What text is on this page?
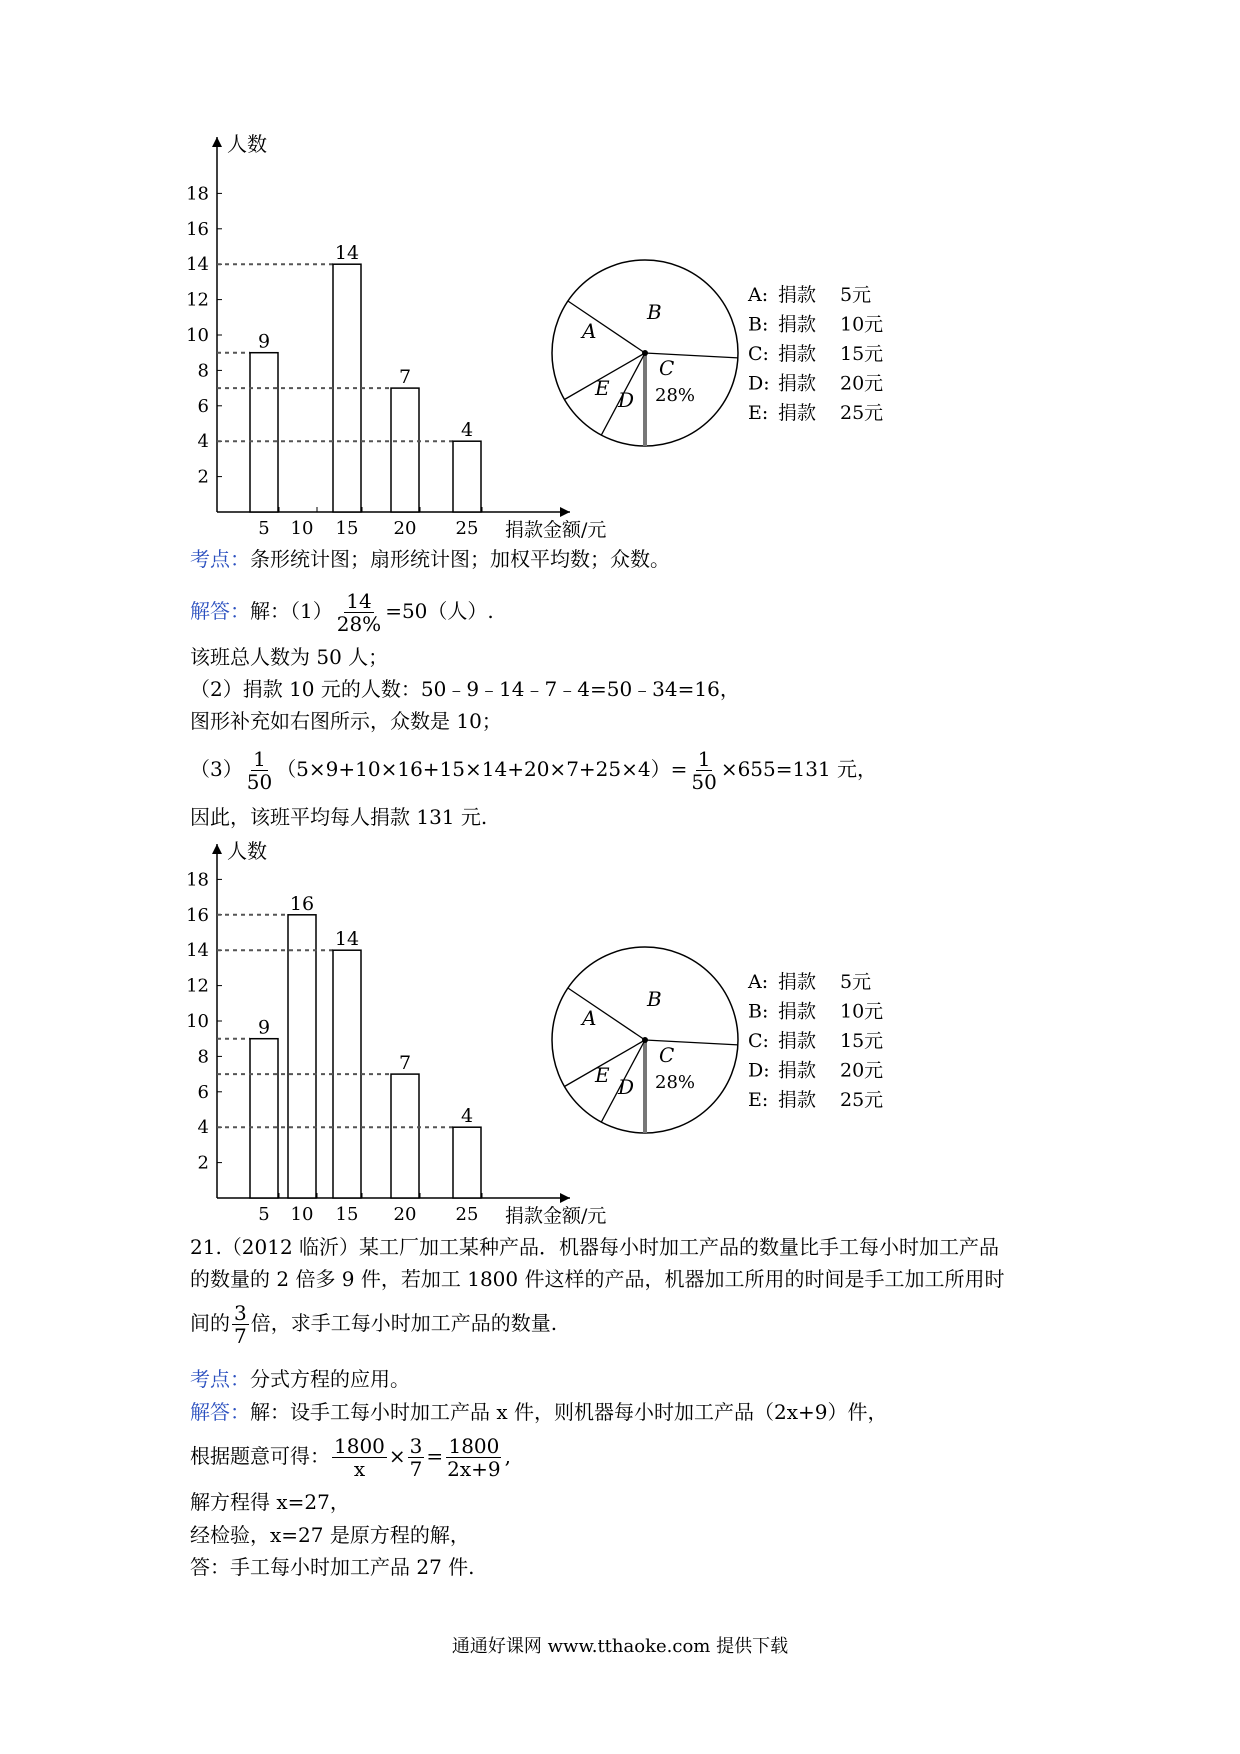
人数
捐款金额/元
2
4
6
8
10
12
14
16
18
5 10 15 20 25
9
14
7
4
A
B
C
E D 28%
A: 捐款 5元
B: 捐款 10元
C: 捐款 15元
D: 捐款 20元
E: 捐款 25元
考点：条形统计图；扇形统计图；加权平均数；众数。
解答：解：$(1) \frac{14}{28\%} =50$（人）.
该班总人数为 50 人；
（2）捐款 10 元的人数：50﹣9﹣14﹣7﹣4=50﹣34=16，
图形补充如右图所示，众数是 10；
$(3) \frac{1}{50} (5\times 9+10\times 16+15\times 14+20\times 7+25\times 4)= \frac{1}{50} \times 655=131$ 元，
因此，该班平均每人捐款 131 元.
人数
捐款金额/元
2
4
6
8
10
12
14
16
18
5 10 15 20 25
9
16
14
7
4
A
B
C
E D 28%
A: 捐款 5元
B: 捐款 10元
C: 捐款 15元
D: 捐款 20元
E: 捐款 25元
21.（2012 临沂）某工厂加工某种产品．机器每小时加工产品的数量比手工每小时加工产品
的数量的 2 倍多 9 件，若加工 1800 件这样的产品，机器加工所用的时间是手工加工所用时
间的 $\frac{3}{7}$ 倍，求手工每小时加工产品的数量.
考点：分式方程的应用。
解答：解：设手工每小时加工产品 x 件，则机器每小时加工产品（2x+9）件，
根据题意可得： $\frac{1800}{x} \times \frac{3}{7} = \frac{1800}{2x+9}$ ,
解方程得 x=27，
经检验，x=27 是原方程的解，
答：手工每小时加工产品 27 件.
通通好课网 www.tthaoke.com 提供下载
